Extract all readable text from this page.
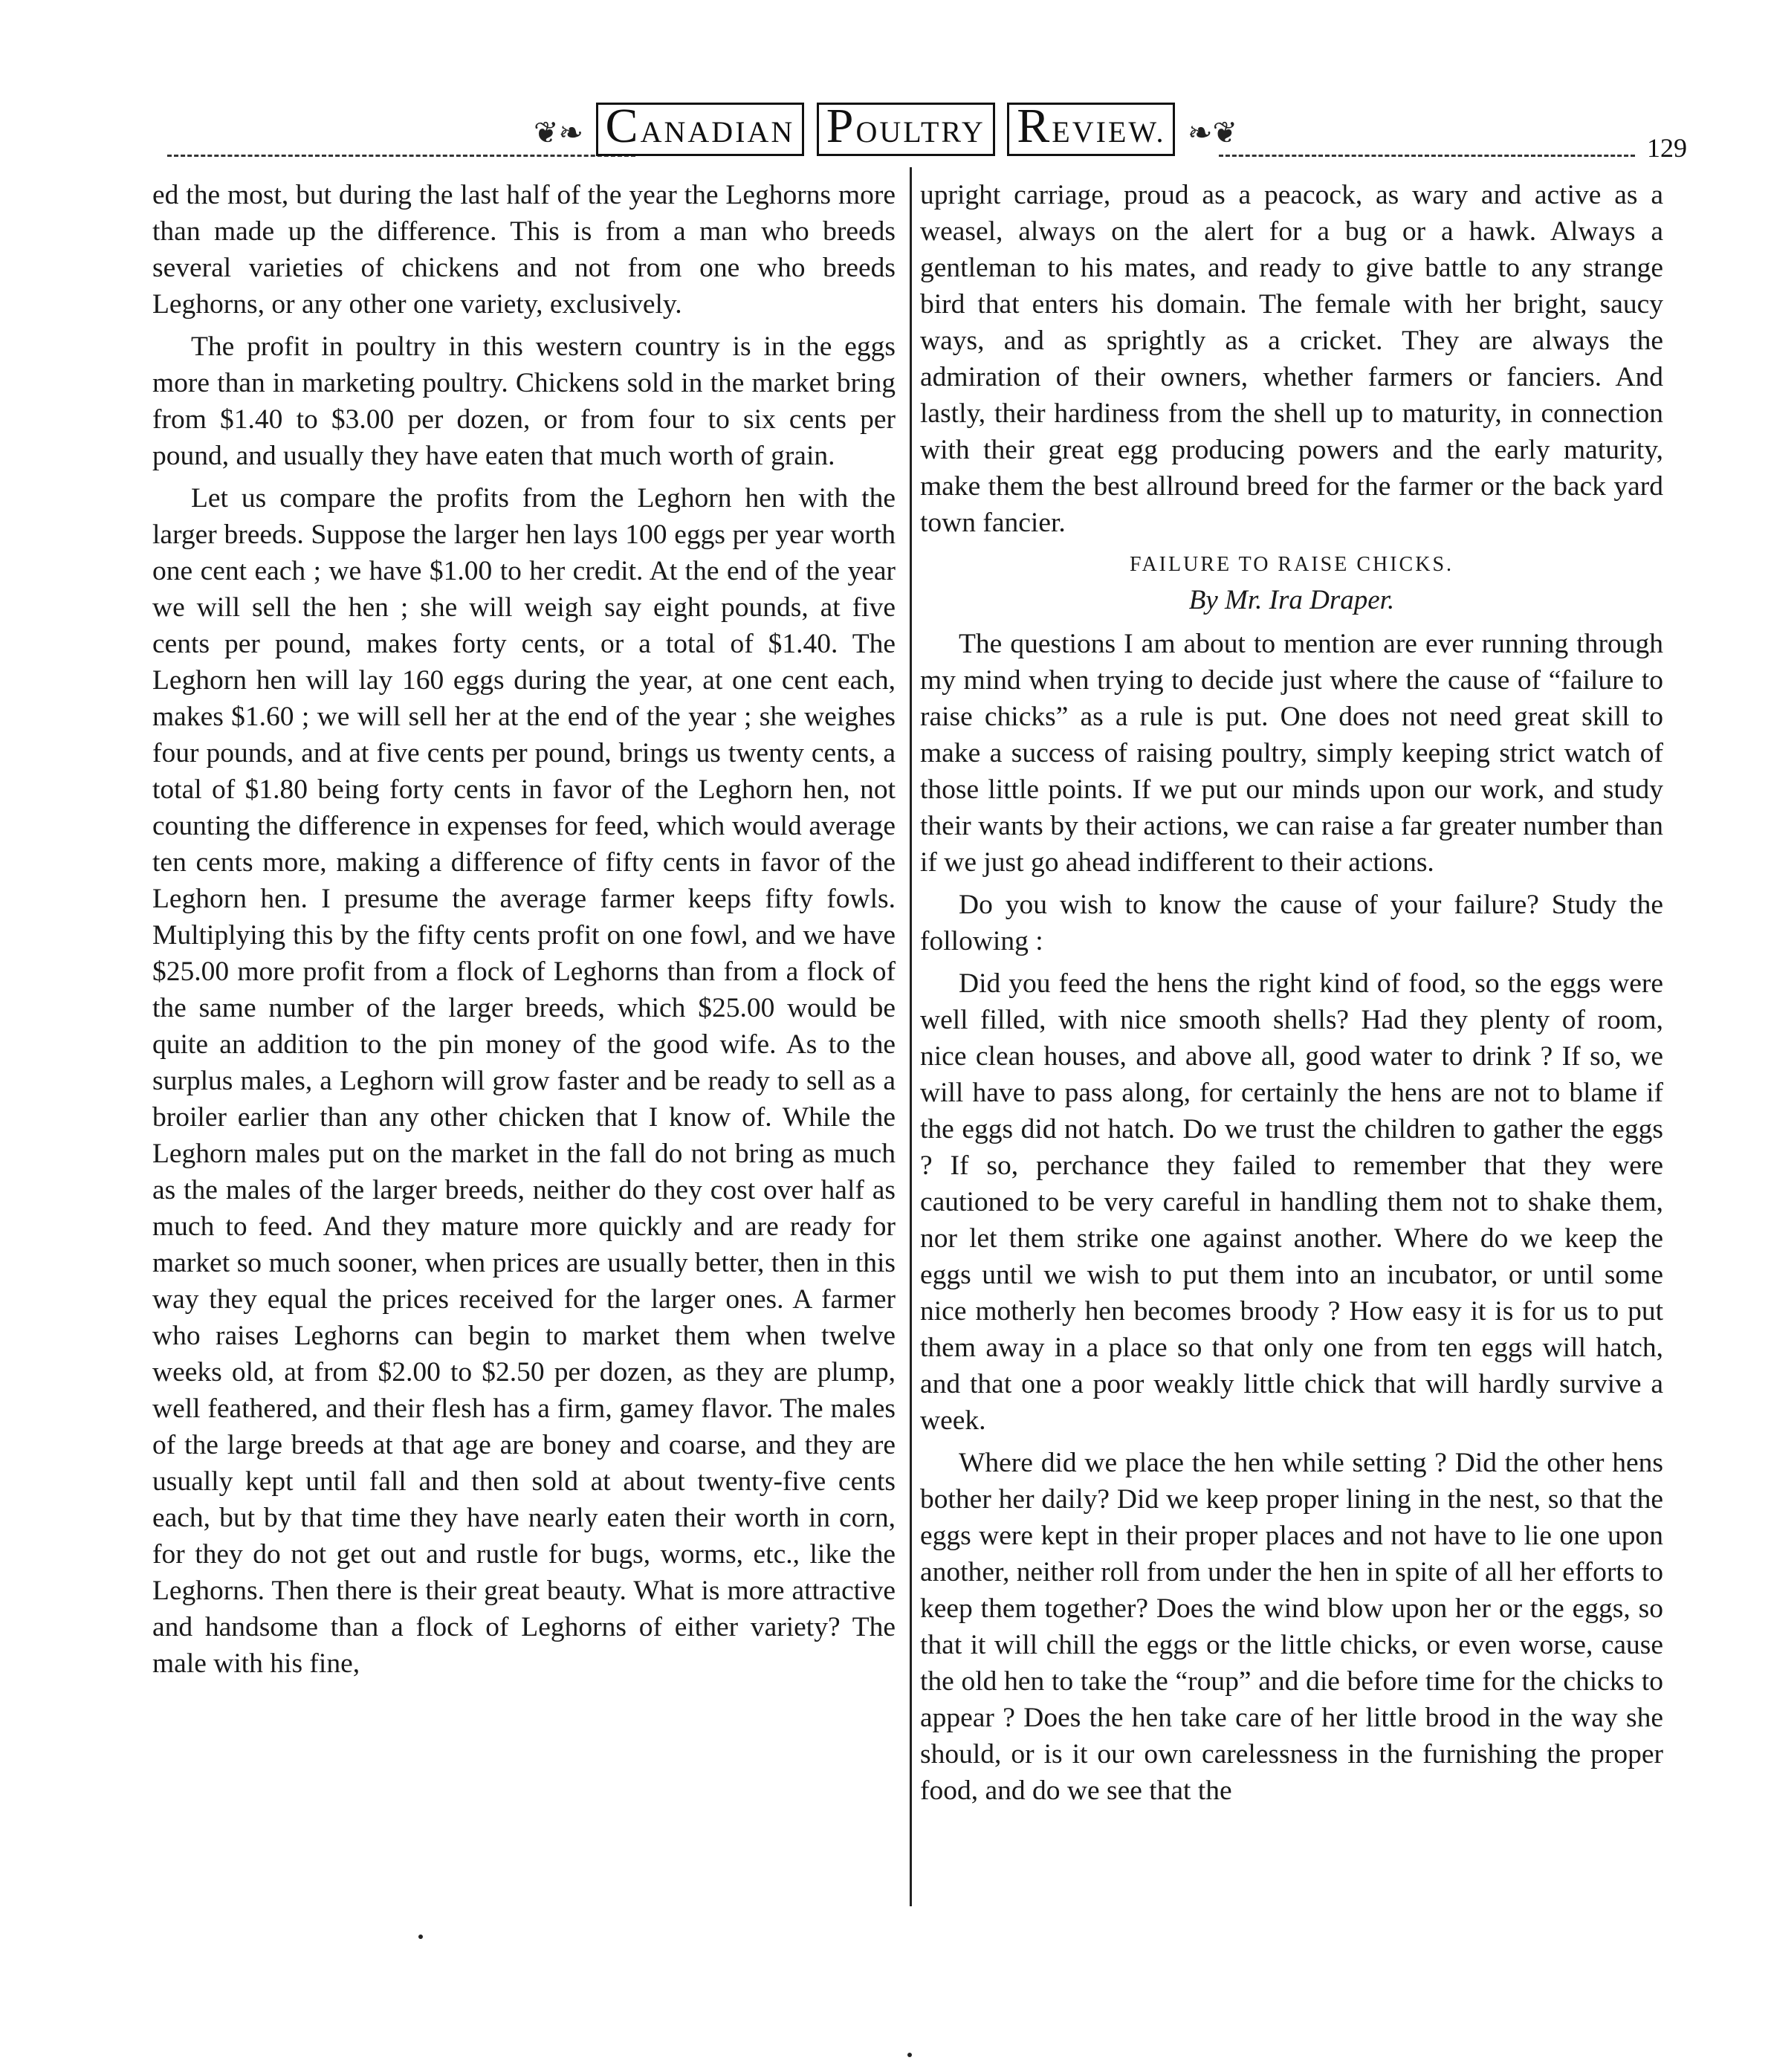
❦❧ CANADIAN POULTRY REVIEW. ❧❦	129

ed the most, but during the last half of the year the Leghorns more than made up the difference. This is from a man who breeds several varieties of chickens and not from one who breeds Leghorns, or any other one variety, exclusively.

The profit in poultry in this western country is in the eggs more than in marketing poultry. Chickens sold in the market bring from $1.40 to $3.00 per dozen, or from four to six cents per pound, and usually they have eaten that much worth of grain.

Let us compare the profits from the Leghorn hen with the larger breeds. Suppose the larger hen lays 100 eggs per year worth one cent each ; we have $1.00 to her credit. At the end of the year we will sell the hen ; she will weigh say eight pounds, at five cents per pound, makes forty cents, or a total of $1.40. The Leghorn hen will lay 160 eggs during the year, at one cent each, makes $1.60 ; we will sell her at the end of the year ; she weighes four pounds, and at five cents per pound, brings us twenty cents, a total of $1.80 being forty cents in favor of the Leghorn hen, not counting the difference in expenses for feed, which would average ten cents more, making a difference of fifty cents in favor of the Leghorn hen. I presume the average farmer keeps fifty fowls. Multiplying this by the fifty cents profit on one fowl, and we have $25.00 more profit from a flock of Leghorns than from a flock of the same number of the larger breeds, which $25.00 would be quite an addition to the pin money of the good wife. As to the surplus males, a Leghorn will grow faster and be ready to sell as a broiler earlier than any other chicken that I know of. While the Leghorn males put on the market in the fall do not bring as much as the males of the larger breeds, neither do they cost over half as much to feed. And they mature more quickly and are ready for market so much sooner, when prices are usually better, then in this way they equal the prices received for the larger ones. A farmer who raises Leghorns can begin to market them when twelve weeks old, at from $2.00 to $2.50 per dozen, as they are plump, well feathered, and their flesh has a firm, gamey flavor. The males of the large breeds at that age are boney and coarse, and they are usually kept until fall and then sold at about twenty-five cents each, but by that time they have nearly eaten their worth in corn, for they do not get out and rustle for bugs, worms, etc., like the Leghorns. Then there is their great beauty. What is more attractive and handsome than a flock of Leghorns of either variety? The male with his fine,

upright carriage, proud as a peacock, as wary and active as a weasel, always on the alert for a bug or a hawk. Always a gentleman to his mates, and ready to give battle to any strange bird that enters his domain. The female with her bright, saucy ways, and as sprightly as a cricket. They are always the admiration of their owners, whether farmers or fanciers. And lastly, their hardiness from the shell up to maturity, in connection with their great egg producing powers and the early maturity, make them the best allround breed for the farmer or the back yard town fancier.

FAILURE TO RAISE CHICKS.
By Mr. Ira Draper.

The questions I am about to mention are ever running through my mind when trying to decide just where the cause of “failure to raise chicks” as a rule is put. One does not need great skill to make a success of raising poultry, simply keeping strict watch of those little points. If we put our minds upon our work, and study their wants by their actions, we can raise a far greater number than if we just go ahead indifferent to their actions.

Do you wish to know the cause of your failure? Study the following :

Did you feed the hens the right kind of food, so the eggs were well filled, with nice smooth shells? Had they plenty of room, nice clean houses, and above all, good water to drink ? If so, we will have to pass along, for certainly the hens are not to blame if the eggs did not hatch. Do we trust the children to gather the eggs ? If so, perchance they failed to remember that they were cautioned to be very careful in handling them not to shake them, nor let them strike one against another. Where do we keep the eggs until we wish to put them into an incubator, or until some nice motherly hen becomes broody ? How easy it is for us to put them away in a place so that only one from ten eggs will hatch, and that one a poor weakly little chick that will hardly survive a week.

Where did we place the hen while setting ? Did the other hens bother her daily? Did we keep proper lining in the nest, so that the eggs were kept in their proper places and not have to lie one upon another, neither roll from under the hen in spite of all her efforts to keep them together? Does the wind blow upon her or the eggs, so that it will chill the eggs or the little chicks, or even worse, cause the old hen to take the “roup” and die before time for the chicks to appear ? Does the hen take care of her little brood in the way she should, or is it our own carelessness in the furnishing the proper food, and do we see that the
